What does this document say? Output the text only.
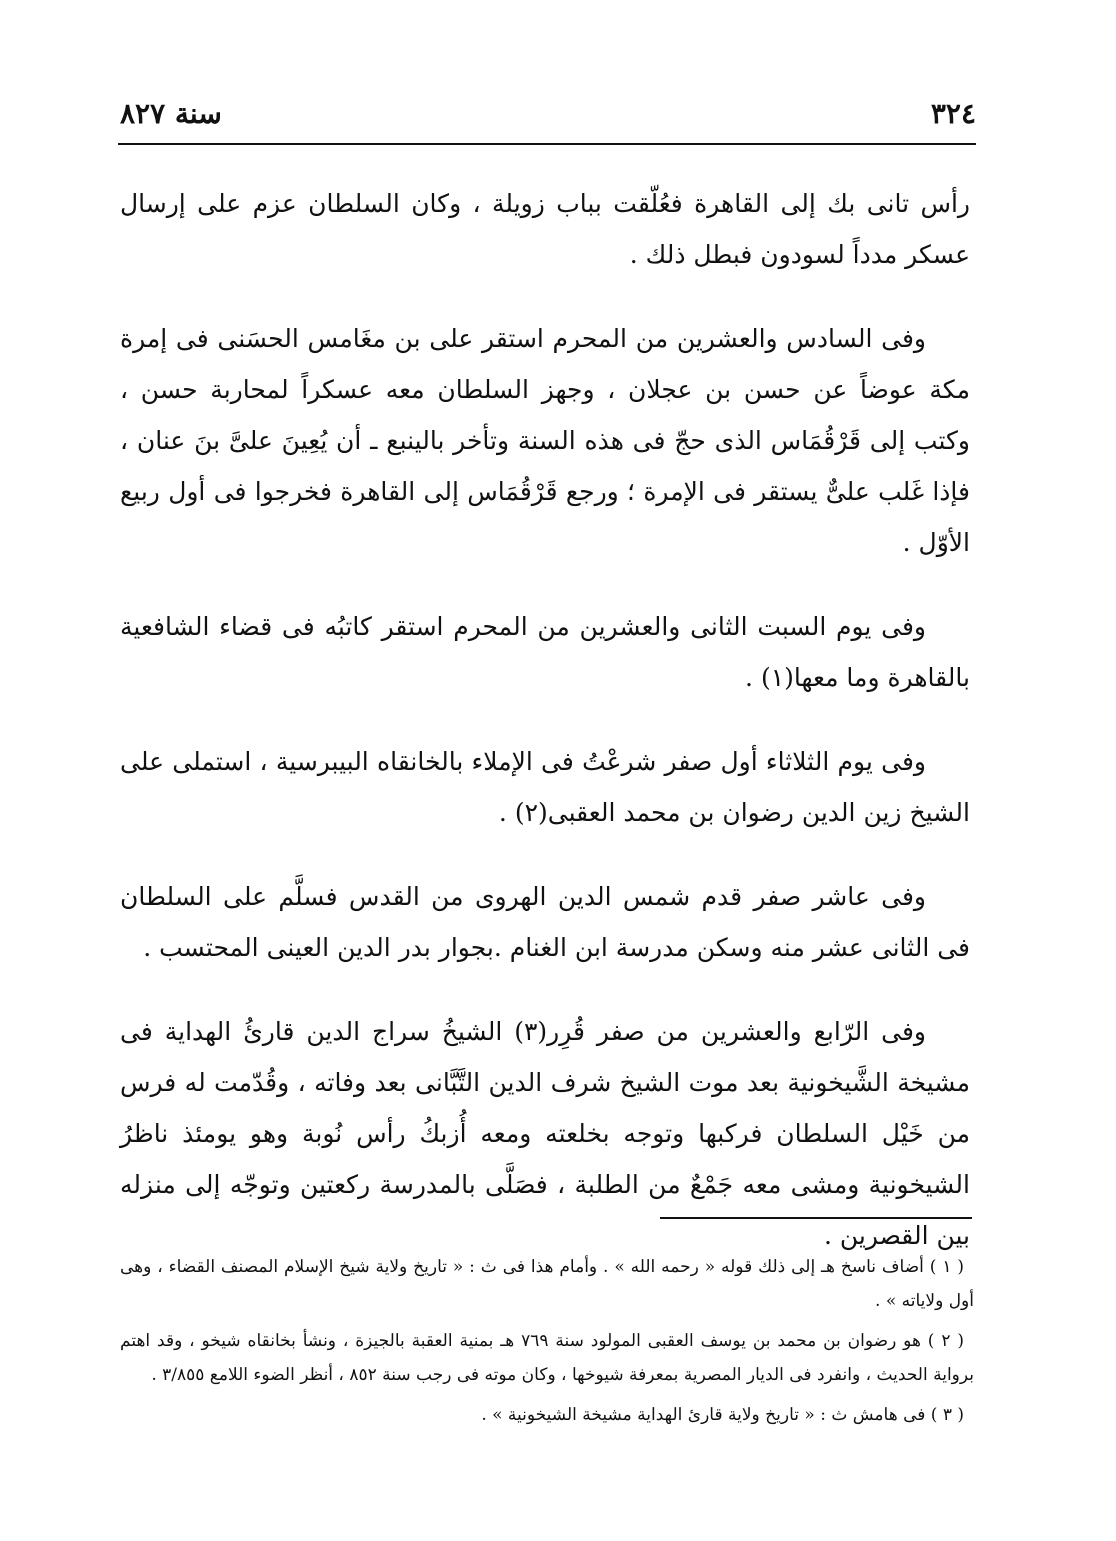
٣٢٤
سنة ٨٢٧

رأس تانى بك إلى القاهرة فعُلّقت بباب زويلة ، وكان السلطان عزم على إرسال عسكر مدداً لسودون فبطل ذلك .

وفى السادس والعشرين من المحرم استقر على بن مغَامس الحسَنى فى إمرة مكة عوضاً عن حسن بن عجلان ، وجهز السلطان معه عسكراً لمحاربة حسن ، وكتب إلى قَرْقُمَاس الذى حجّ فى هذه السنة وتأخر بالينبع ـ أن يُعِينَ علىَّ بنَ عنان ، فإذا غَلب علىٌّ يستقر فى الإمرة ؛ ورجع قَرْقُمَاس إلى القاهرة فخرجوا فى أول ربيع الأوّل .

وفى يوم السبت الثانى والعشرين من المحرم استقر كاتبُه فى قضاء الشافعية بالقاهرة وما معها(١) .

وفى يوم الثلاثاء أول صفر شرعْتُ فى الإملاء بالخانقاه البيبرسية ، استملى على الشيخ زين الدين رضوان بن محمد العقبى(٢) .

وفى عاشر صفر قدم شمس الدين الهروى من القدس فسلَّم على السلطان فى الثانى عشر منه وسكن مدرسة ابن الغنام .بجوار بدر الدين العينى المحتسب .

وفى الرّابع والعشرين من صفر قُرِر(٣) الشيخُ سراج الدين قارئُ الهداية فى مشيخة الشَّيخونية بعد موت الشيخ شرف الدين التَّبَّانى بعد وفاته ، وقُدّمت له فرس من خَيْل السلطان فركبها وتوجه بخلعته ومعه أُزبكُ رأس نُوبة وهو يومئذ ناظرُ الشيخونية ومشى معه جَمْعٌ من الطلبة ، فصَلَّى بالمدرسة ركعتين وتوجّه إلى منزله بين القصرين .

( ١ ) أضاف ناسخ هـ إلى ذلك قوله « رحمه الله » . وأمام هذا فى ث : « تاريخ ولاية شيخ الإسلام المصنف القضاء ، وهى أول ولاياته » .

( ٢ ) هو رضوان بن محمد بن يوسف العقبى المولود سنة ٧٦٩ هـ بمنية العقبة بالجيزة ، ونشأ بخانقاه شيخو ، وقد اهتم برواية الحديث ، وانفرد فى الديار المصرية بمعرفة شيوخها ، وكان موته فى رجب سنة ٨٥٢ ، أنظر الضوء اللامع ٣/٨٥٥ .

( ٣ ) فى هامش ث : « تاريخ ولاية قارئ الهداية مشيخة الشيخونية » .
